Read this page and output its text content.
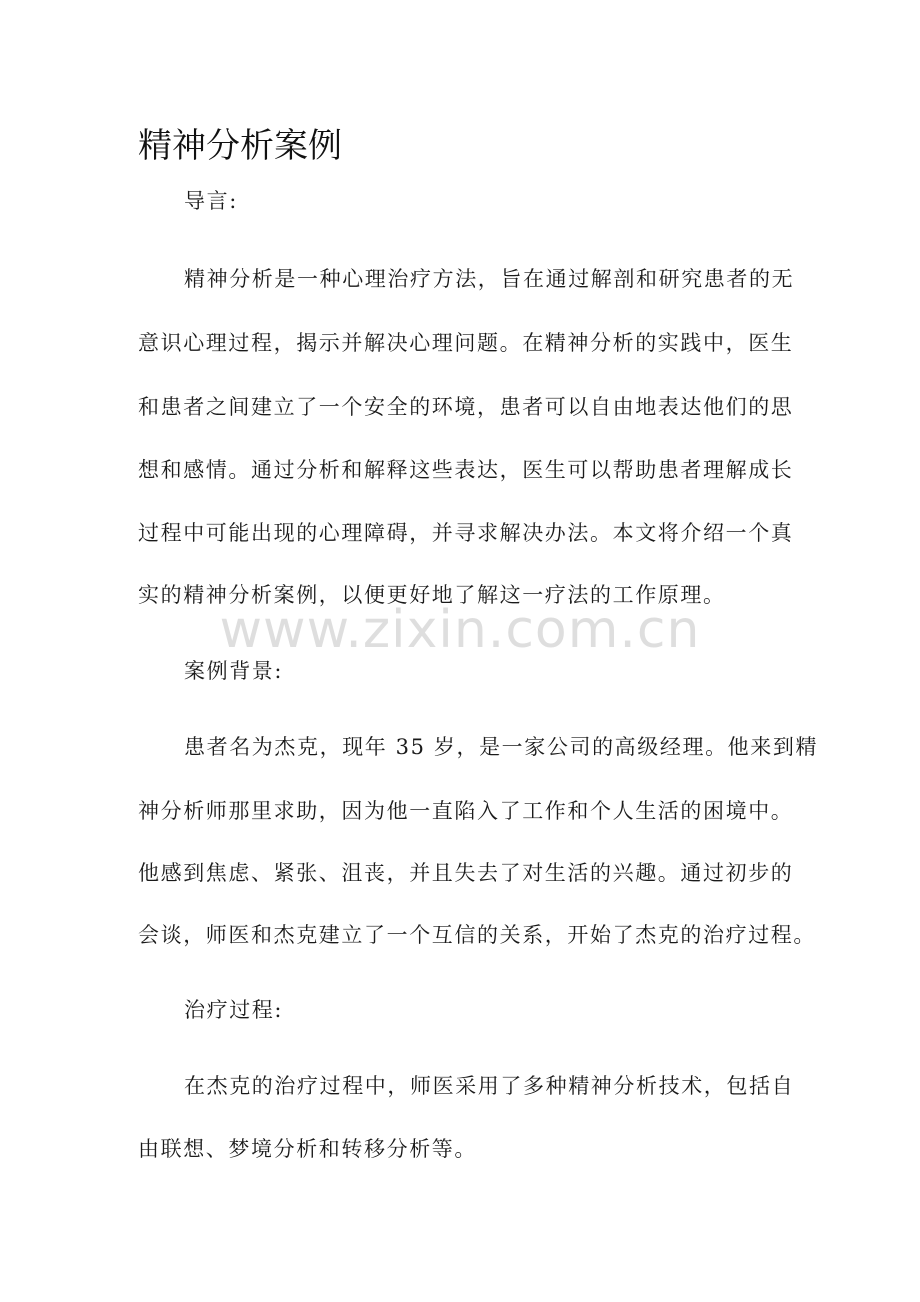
精神分析案例
导言:
精神分析是一种心理治疗方法，旨在通过解剖和研究患者的无
意识心理过程，揭示并解决心理问题。在精神分析的实践中，医生
和患者之间建立了一个安全的环境，患者可以自由地表达他们的思
想和感情。通过分析和解释这些表达，医生可以帮助患者理解成长
过程中可能出现的心理障碍，并寻求解决办法。本文将介绍一个真
实的精神分析案例，以便更好地了解这一疗法的工作原理。
www.zixin.com.cn
案例背景:
患者名为杰克，现年 35 岁，是一家公司的高级经理。他来到精
神分析师那里求助，因为他一直陷入了工作和个人生活的困境中。
他感到焦虑、紧张、沮丧，并且失去了对生活的兴趣。通过初步的
会谈，师医和杰克建立了一个互信的关系，开始了杰克的治疗过程。
治疗过程:
在杰克的治疗过程中，师医采用了多种精神分析技术，包括自
由联想、梦境分析和转移分析等。
